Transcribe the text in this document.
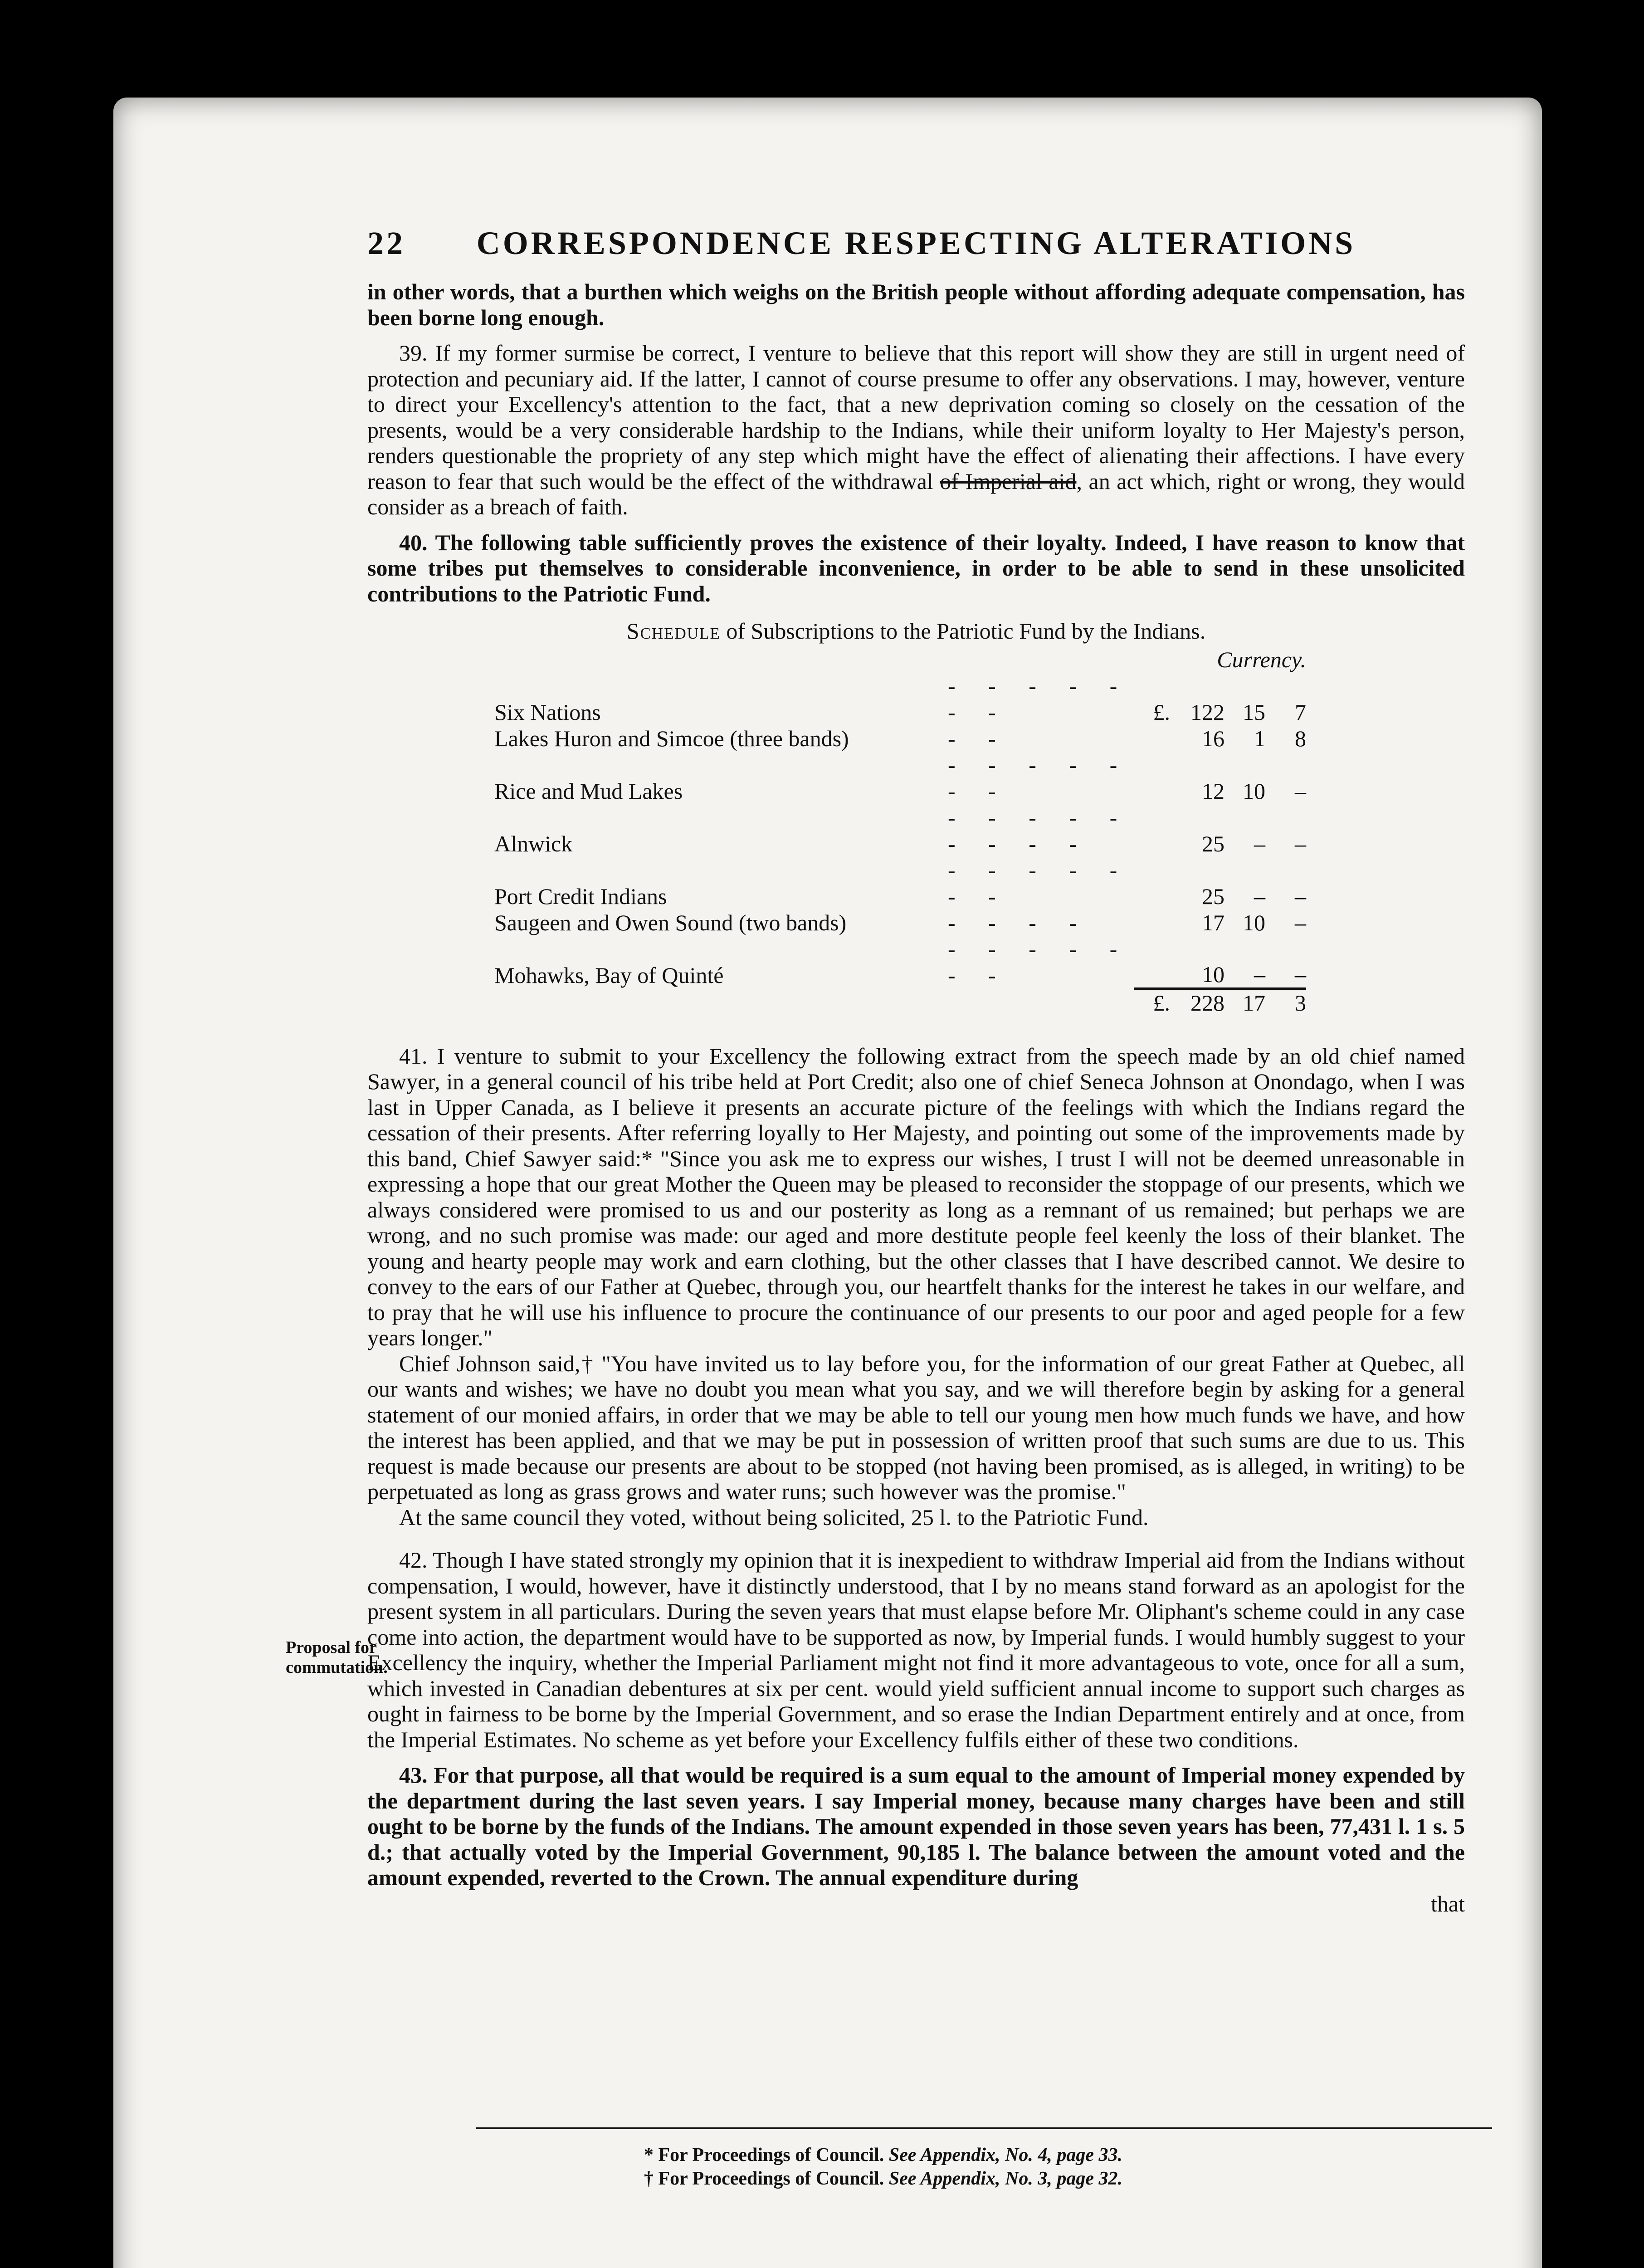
22 CORRESPONDENCE RESPECTING ALTERATIONS

in other words, that a burthen which weighs on the British people without affording adequate compensation, has been borne long enough.

39. If my former surmise be correct, I venture to believe that this report will show they are still in urgent need of protection and pecuniary aid. If the latter, I cannot of course presume to offer any observations. I may, however, venture to direct your Excellency's attention to the fact, that a new deprivation coming so closely on the cessation of the presents, would be a very considerable hardship to the Indians, while their uniform loyalty to Her Majesty's person, renders questionable the propriety of any step which might have the effect of alienating their affections. I have every reason to fear that such would be the effect of the withdrawal of Imperial aid, an act which, right or wrong, they would consider as a breach of faith.

40. The following table sufficiently proves the existence of their loyalty. Indeed, I have reason to know that some tribes put themselves to considerable inconvenience, in order to be able to send in these unsolicited contributions to the Patriotic Fund.

Schedule of Subscriptions to the Patriotic Fund by the Indians.
			Currency.		
Six Nations	- - - - - - -	£.	122	15	7
Lakes Huron and Simcoe (three bands)	- -		16	1	8
Rice and Mud Lakes	- - - - - - -		12	10	–
Alnwick	- - - - - - - - -		25	–	–
Port Credit Indians	- - - - - - -		25	–	–
Saugeen and Owen Sound (two bands)	- - - -		17	10	–
Mohawks, Bay of Quinté	- - - - - - -		10	–	–
		£.	228	17	3

41. I venture to submit to your Excellency the following extract from the speech made by an old chief named Sawyer, in a general council of his tribe held at Port Credit; also one of chief Seneca Johnson at Onondago, when I was last in Upper Canada, as I believe it presents an accurate picture of the feelings with which the Indians regard the cessation of their presents. After referring loyally to Her Majesty, and pointing out some of the improvements made by this band, Chief Sawyer said:* "Since you ask me to express our wishes, I trust I will not be deemed unreasonable in expressing a hope that our great Mother the Queen may be pleased to reconsider the stoppage of our presents, which we always considered were promised to us and our posterity as long as a remnant of us remained; but perhaps we are wrong, and no such promise was made: our aged and more destitute people feel keenly the loss of their blanket. The young and hearty people may work and earn clothing, but the other classes that I have described cannot. We desire to convey to the ears of our Father at Quebec, through you, our heartfelt thanks for the interest he takes in our welfare, and to pray that he will use his influence to procure the continuance of our presents to our poor and aged people for a few years longer."

Chief Johnson said,† "You have invited us to lay before you, for the information of our great Father at Quebec, all our wants and wishes; we have no doubt you mean what you say, and we will therefore begin by asking for a general statement of our monied affairs, in order that we may be able to tell our young men how much funds we have, and how the interest has been applied, and that we may be put in possession of written proof that such sums are due to us. This request is made because our presents are about to be stopped (not having been promised, as is alleged, in writing) to be perpetuated as long as grass grows and water runs; such however was the promise."

At the same council they voted, without being solicited, 25 l. to the Patriotic Fund.

42. Though I have stated strongly my opinion that it is inexpedient to withdraw Imperial aid from the Indians without compensation, I would, however, have it distinctly understood, that I by no means stand forward as an apologist for the present system in all particulars. During the seven years that must elapse before Mr. Oliphant's scheme could in any case come into action, the department would have to be supported as now, by Imperial funds. I would humbly suggest to your Excellency the inquiry, whether the Imperial Parliament might not find it more advantageous to vote, once for all a sum, which invested in Canadian debentures at six per cent. would yield sufficient annual income to support such charges as ought in fairness to be borne by the Imperial Government, and so erase the Indian Department entirely and at once, from the Imperial Estimates. No scheme as yet before your Excellency fulfils either of these two conditions.

43. For that purpose, all that would be required is a sum equal to the amount of Imperial money expended by the department during the last seven years. I say Imperial money, because many charges have been and still ought to be borne by the funds of the Indians. The amount expended in those seven years has been, 77,431 l. 1 s. 5 d.; that actually voted by the Imperial Government, 90,185 l. The balance between the amount voted and the amount expended, reverted to the Crown. The annual expenditure during

that
Proposal for commutation.
* For Proceedings of Council. See Appendix, No. 4, page 33.
† For Proceedings of Council. See Appendix, No. 3, page 32.
